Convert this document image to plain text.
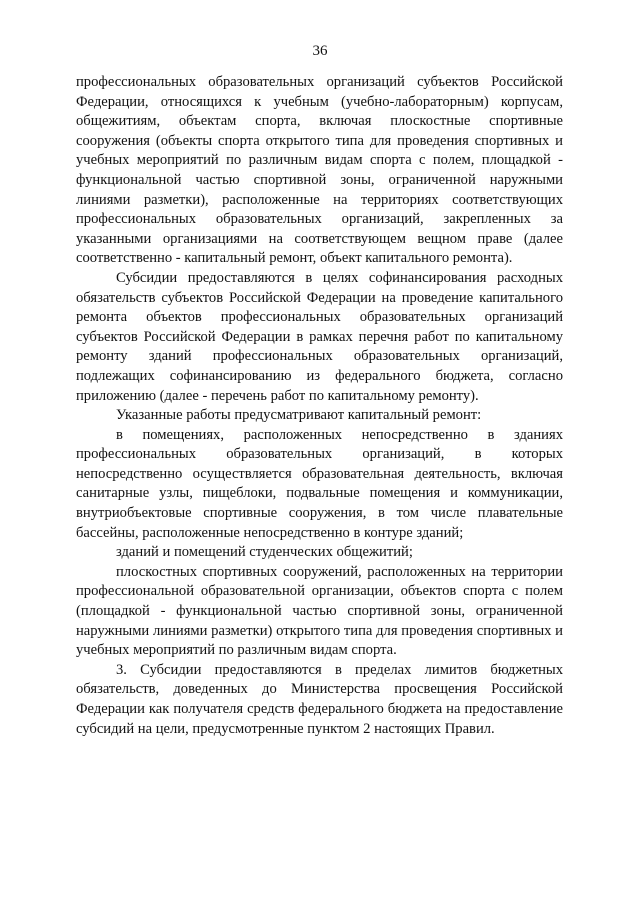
36

профессиональных образовательных организаций субъектов Российской Федерации, относящихся к учебным (учебно-лабораторным) корпусам, общежитиям, объектам спорта, включая плоскостные спортивные сооружения (объекты спорта открытого типа для проведения спортивных и учебных мероприятий по различным видам спорта с полем, площадкой - функциональной частью спортивной зоны, ограниченной наружными линиями разметки), расположенные на территориях соответствующих профессиональных образовательных организаций, закрепленных за указанными организациями на соответствующем вещном праве (далее соответственно - капитальный ремонт, объект капитального ремонта).

Субсидии предоставляются в целях софинансирования расходных обязательств субъектов Российской Федерации на проведение капитального ремонта объектов профессиональных образовательных организаций субъектов Российской Федерации в рамках перечня работ по капитальному ремонту зданий профессиональных образовательных организаций, подлежащих софинансированию из федерального бюджета, согласно приложению (далее - перечень работ по капитальному ремонту).

Указанные работы предусматривают капитальный ремонт:

в помещениях, расположенных непосредственно в зданиях профессиональных образовательных организаций, в которых непосредственно осуществляется образовательная деятельность, включая санитарные узлы, пищеблоки, подвальные помещения и коммуникации, внутриобъектовые спортивные сооружения, в том числе плавательные бассейны, расположенные непосредственно в контуре зданий;

зданий и помещений студенческих общежитий;

плоскостных спортивных сооружений, расположенных на территории профессиональной образовательной организации, объектов спорта с полем (площадкой - функциональной частью спортивной зоны, ограниченной наружными линиями разметки) открытого типа для проведения спортивных и учебных мероприятий по различным видам спорта.

3. Субсидии предоставляются в пределах лимитов бюджетных обязательств, доведенных до Министерства просвещения Российской Федерации как получателя средств федерального бюджета на предоставление субсидий на цели, предусмотренные пунктом 2 настоящих Правил.
